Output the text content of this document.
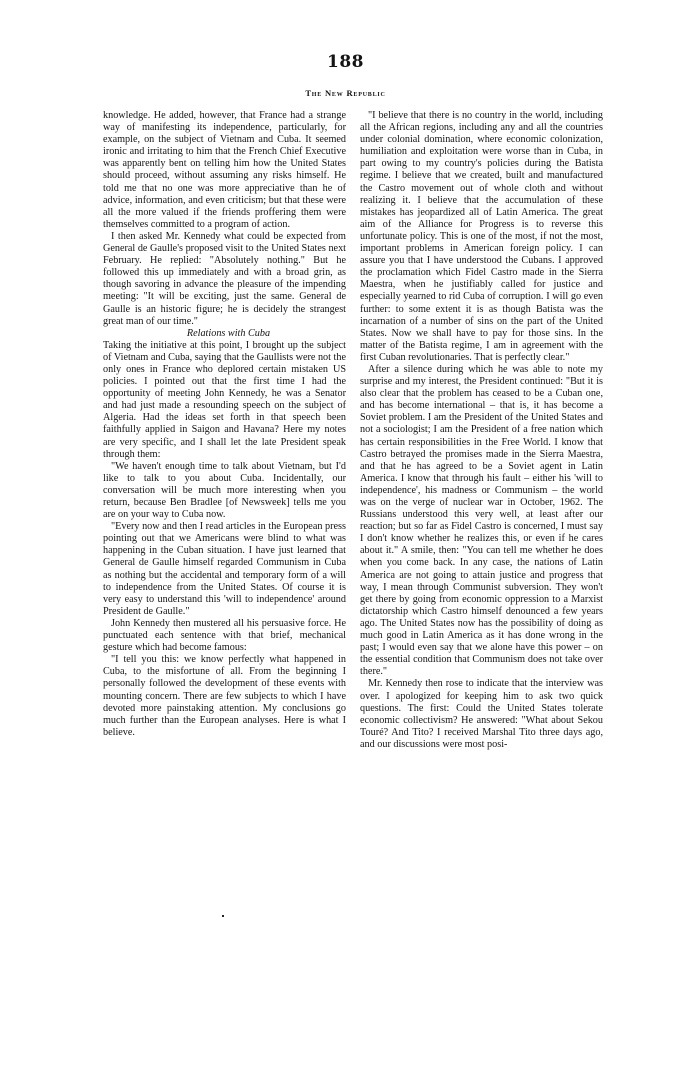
188
The New Republic

knowledge. He added, however, that France had a strange way of manifesting its independence, particularly, for example, on the subject of Vietnam and Cuba. It seemed ironic and irritating to him that the French Chief Executive was apparently bent on telling him how the United States should proceed, without assuming any risks himself. He told me that no one was more appreciative than he of advice, information, and even criticism; but that these were all the more valued if the friends proffering them were themselves committed to a program of action.

I then asked Mr. Kennedy what could be expected from General de Gaulle's proposed visit to the United States next February. He replied: "Absolutely nothing." But he followed this up immediately and with a broad grin, as though savoring in advance the pleasure of the impending meeting: "It will be exciting, just the same. General de Gaulle is an historic figure; he is decidely the strangest great man of our time."

Relations with Cuba

Taking the initiative at this point, I brought up the subject of Vietnam and Cuba, saying that the Gaullists were not the only ones in France who deplored certain mistaken US policies. I pointed out that the first time I had the opportunity of meeting John Kennedy, he was a Senator and had just made a resounding speech on the subject of Algeria. Had the ideas set forth in that speech been faithfully applied in Saigon and Havana? Here my notes are very specific, and I shall let the late President speak through them:

"We haven't enough time to talk about Vietnam, but I'd like to talk to you about Cuba. Incidentally, our conversation will be much more interesting when you return, because Ben Bradlee [of Newsweek] tells me you are on your way to Cuba now.

"Every now and then I read articles in the European press pointing out that we Americans were blind to what was happening in the Cuban situation. I have just learned that General de Gaulle himself regarded Communism in Cuba as nothing but the accidental and temporary form of a will to independence from the United States. Of course it is very easy to understand this 'will to independence' around President de Gaulle."

John Kennedy then mustered all his persuasive force. He punctuated each sentence with that brief, mechanical gesture which had become famous:

"I tell you this: we know perfectly what happened in Cuba, to the misfortune of all. From the beginning I personally followed the development of these events with mounting concern. There are few subjects to which I have devoted more painstaking attention. My conclusions go much further than the European analyses. Here is what I believe.

"I believe that there is no country in the world, including all the African regions, including any and all the countries under colonial domination, where economic colonization, humiliation and exploitation were worse than in Cuba, in part owing to my country's policies during the Batista regime. I believe that we created, built and manufactured the Castro movement out of whole cloth and without realizing it. I believe that the accumulation of these mistakes has jeopardized all of Latin America. The great aim of the Alliance for Progress is to reverse this unfortunate policy. This is one of the most, if not the most, important problems in American foreign policy. I can assure you that I have understood the Cubans. I approved the proclamation which Fidel Castro made in the Sierra Maestra, when he justifiably called for justice and especially yearned to rid Cuba of corruption. I will go even further: to some extent it is as though Batista was the incarnation of a number of sins on the part of the United States. Now we shall have to pay for those sins. In the matter of the Batista regime, I am in agreement with the first Cuban revolutionaries. That is perfectly clear."

After a silence during which he was able to note my surprise and my interest, the President continued: "But it is also clear that the problem has ceased to be a Cuban one, and has become international – that is, it has become a Soviet problem. I am the President of the United States and not a sociologist; I am the President of a free nation which has certain responsibilities in the Free World. I know that Castro betrayed the promises made in the Sierra Maestra, and that he has agreed to be a Soviet agent in Latin America. I know that through his fault – either his 'will to independence', his madness or Communism – the world was on the verge of nuclear war in October, 1962. The Russians understood this very well, at least after our reaction; but so far as Fidel Castro is concerned, I must say I don't know whether he realizes this, or even if he cares about it." A smile, then: "You can tell me whether he does when you come back. In any case, the nations of Latin America are not going to attain justice and progress that way, I mean through Communist subversion. They won't get there by going from economic oppression to a Marxist dictatorship which Castro himself denounced a few years ago. The United States now has the possibility of doing as much good in Latin America as it has done wrong in the past; I would even say that we alone have this power – on the essential condition that Communism does not take over there."

Mr. Kennedy then rose to indicate that the interview was over. I apologized for keeping him to ask two quick questions. The first: Could the United States tolerate economic collectivism? He answered: "What about Sekou Touré? And Tito? I received Marshal Tito three days ago, and our discussions were most posi-
